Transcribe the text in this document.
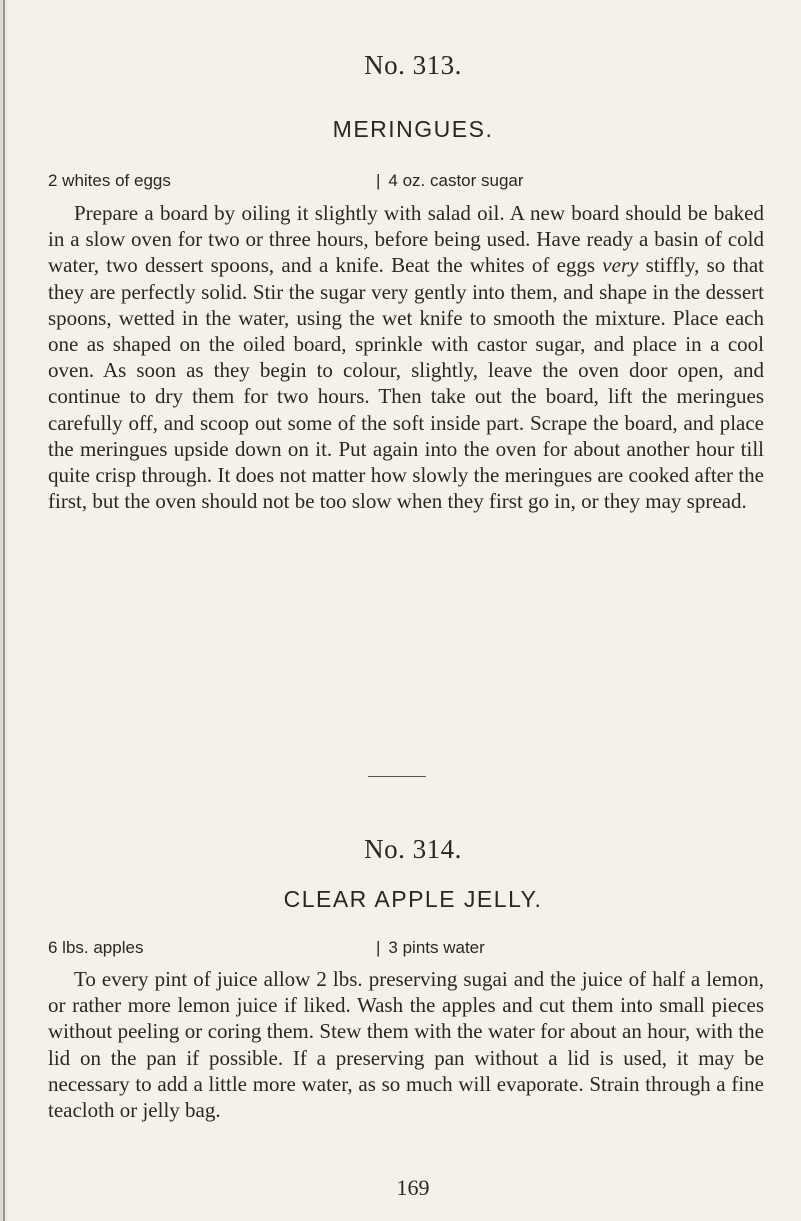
No. 313.
MERINGUES.
2 whites of eggs	| 4 oz. castor sugar

Prepare a board by oiling it slightly with salad oil. A new board should be baked in a slow oven for two or three hours, before being used. Have ready a basin of cold water, two dessert spoons, and a knife. Beat the whites of eggs very stiffly, so that they are perfectly solid. Stir the sugar very gently into them, and shape in the dessert spoons, wetted in the water, using the wet knife to smooth the mixture. Place each one as shaped on the oiled board, sprinkle with castor sugar, and place in a cool oven. As soon as they begin to colour, slightly, leave the oven door open, and continue to dry them for two hours. Then take out the board, lift the meringues carefully off, and scoop out some of the soft inside part. Scrape the board, and place the meringues upside down on it. Put again into the oven for about another hour till quite crisp through. It does not matter how slowly the meringues are cooked after the first, but the oven should not be too slow when they first go in, or they may spread.

No. 314.
CLEAR APPLE JELLY.
6 lbs. apples	| 3 pints water

To every pint of juice allow 2 lbs. preserving sugai and the juice of half a lemon, or rather more lemon juice if liked. Wash the apples and cut them into small pieces without peeling or coring them. Stew them with the water for about an hour, with the lid on the pan if possible. If a preserving pan without a lid is used, it may be necessary to add a little more water, as so much will evaporate. Strain through a fine teacloth or jelly bag.

169
